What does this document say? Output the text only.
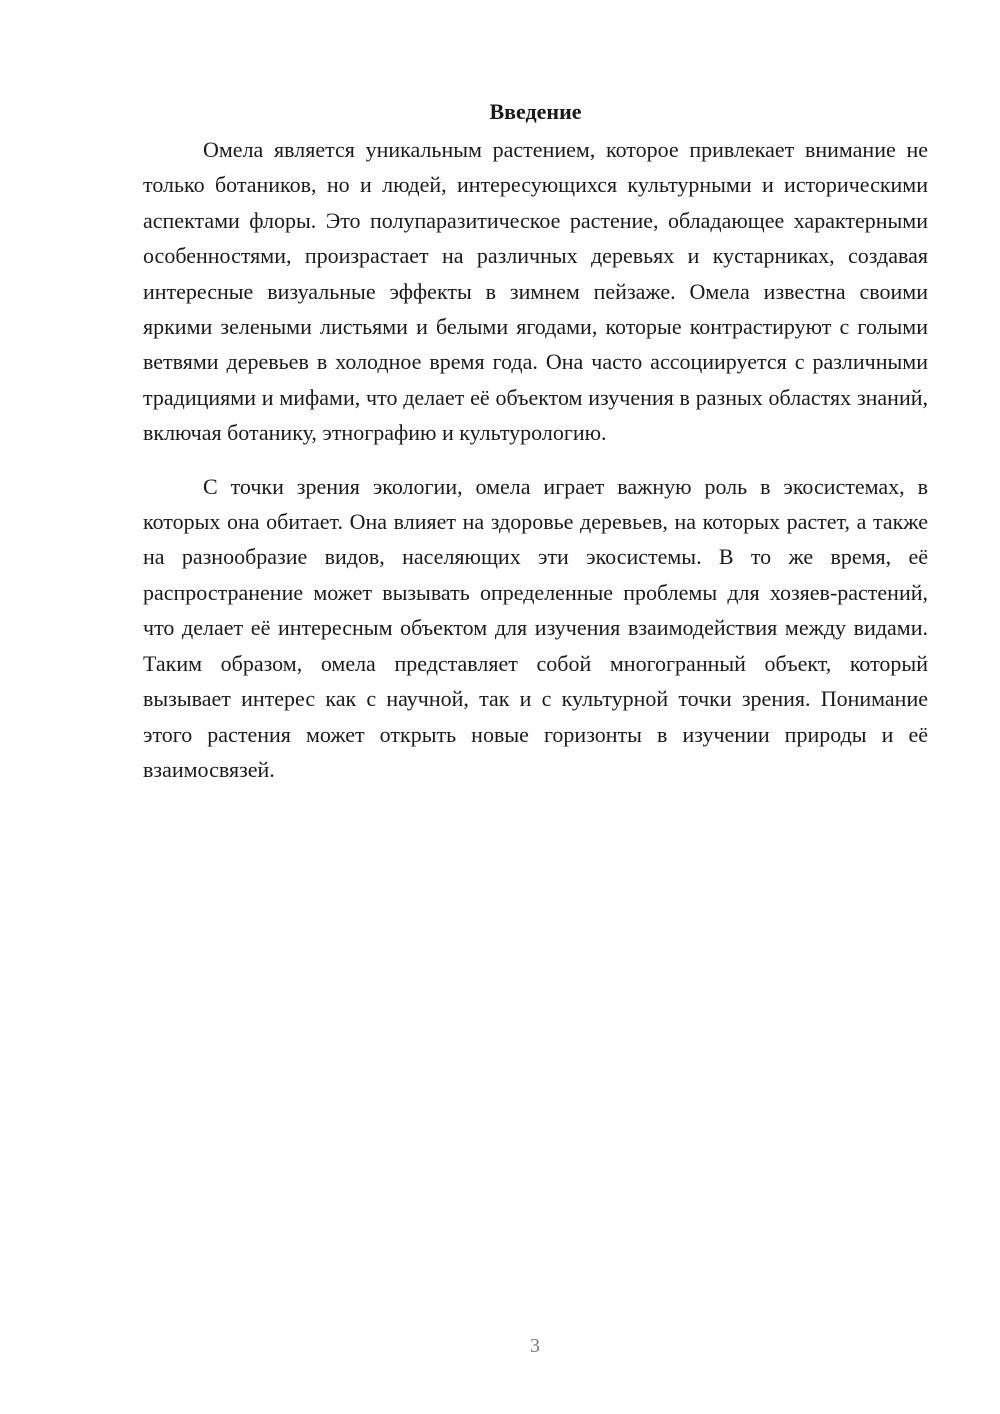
Введение

Омела является уникальным растением, которое привлекает внимание не только ботаников, но и людей, интересующихся культурными и историческими аспектами флоры. Это полупаразитическое растение, обладающее характерными особенностями, произрастает на различных деревьях и кустарниках, создавая интересные визуальные эффекты в зимнем пейзаже. Омела известна своими яркими зелеными листьями и белыми ягодами, которые контрастируют с голыми ветвями деревьев в холодное время года. Она часто ассоциируется с различными традициями и мифами, что делает её объектом изучения в разных областях знаний, включая ботанику, этнографию и культурологию.

С точки зрения экологии, омела играет важную роль в экосистемах, в которых она обитает. Она влияет на здоровье деревьев, на которых растет, а также на разнообразие видов, населяющих эти экосистемы. В то же время, её распространение может вызывать определенные проблемы для хозяев-растений, что делает её интересным объектом для изучения взаимодействия между видами. Таким образом, омела представляет собой многогранный объект, который вызывает интерес как с научной, так и с культурной точки зрения. Понимание этого растения может открыть новые горизонты в изучении природы и её взаимосвязей.

3
